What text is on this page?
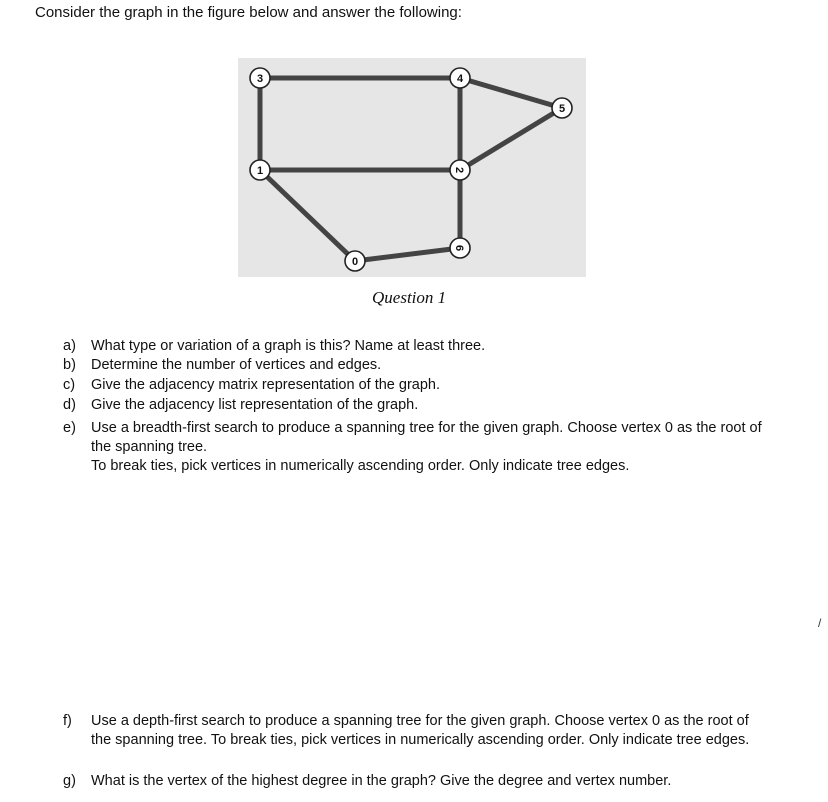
Consider the graph in the figure below and answer the following:

3	4
5
1	2
6
0

Question 1

a) What type or variation of a graph is this? Name at least three.
b) Determine the number of vertices and edges.
c) Give the adjacency matrix representation of the graph.
d) Give the adjacency list representation of the graph.
e) Use a breadth-first search to produce a spanning tree for the given graph. Choose vertex 0 as the root of
the spanning tree.
To break ties, pick vertices in numerically ascending order. Only indicate tree edges.
f) Use a depth-first search to produce a spanning tree for the given graph. Choose vertex 0 as the root of
the spanning tree. To break ties, pick vertices in numerically ascending order. Only indicate tree edges.
g) What is the vertex of the highest degree in the graph? Give the degree and vertex number.
/
